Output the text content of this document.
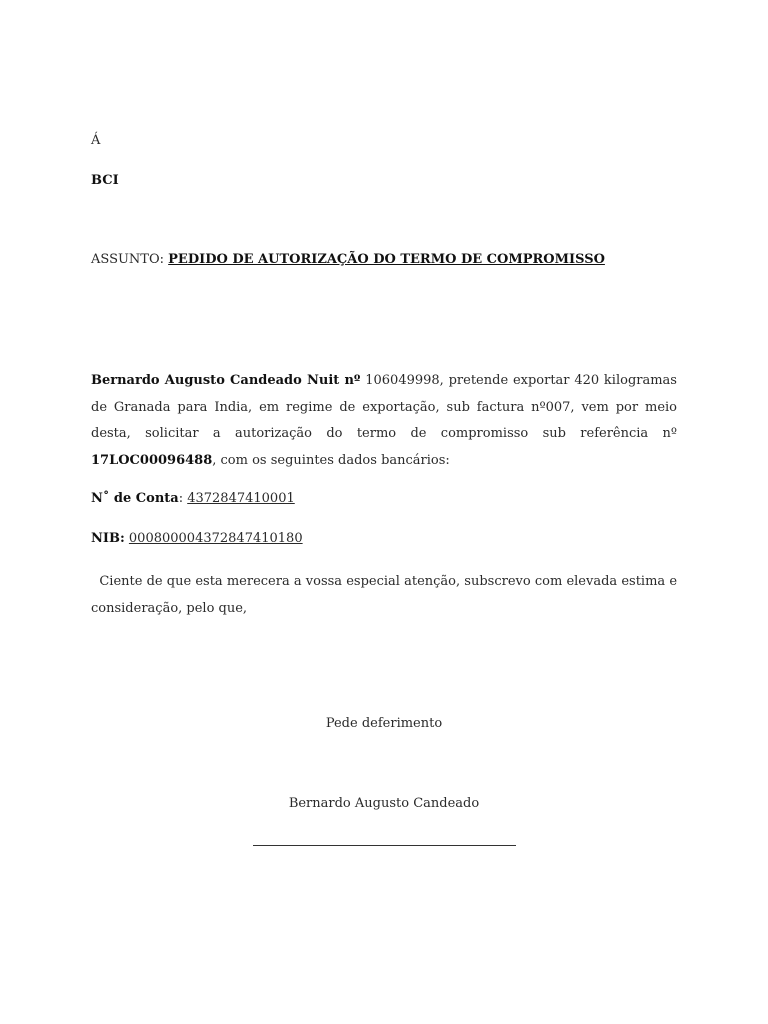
Á
BCI
ASSUNTO: PEDIDO DE AUTORIZAÇÃO DO TERMO DE COMPROMISSO
Bernardo Augusto Candeado Nuit nº 106049998, pretende exportar 420 kilogramas de Granada para India, em regime de exportação, sub factura nº007, vem por meio desta, solicitar a autorização do termo de compromisso sub referência nº 17LOC00096488, com os seguintes dados bancários:
N˚ de Conta: 4372847410001
NIB: 000800004372847410180
Ciente de que esta merecera a vossa especial atenção, subscrevo com elevada estima e consideração, pelo que,
Pede deferimento
Bernardo Augusto Candeado
